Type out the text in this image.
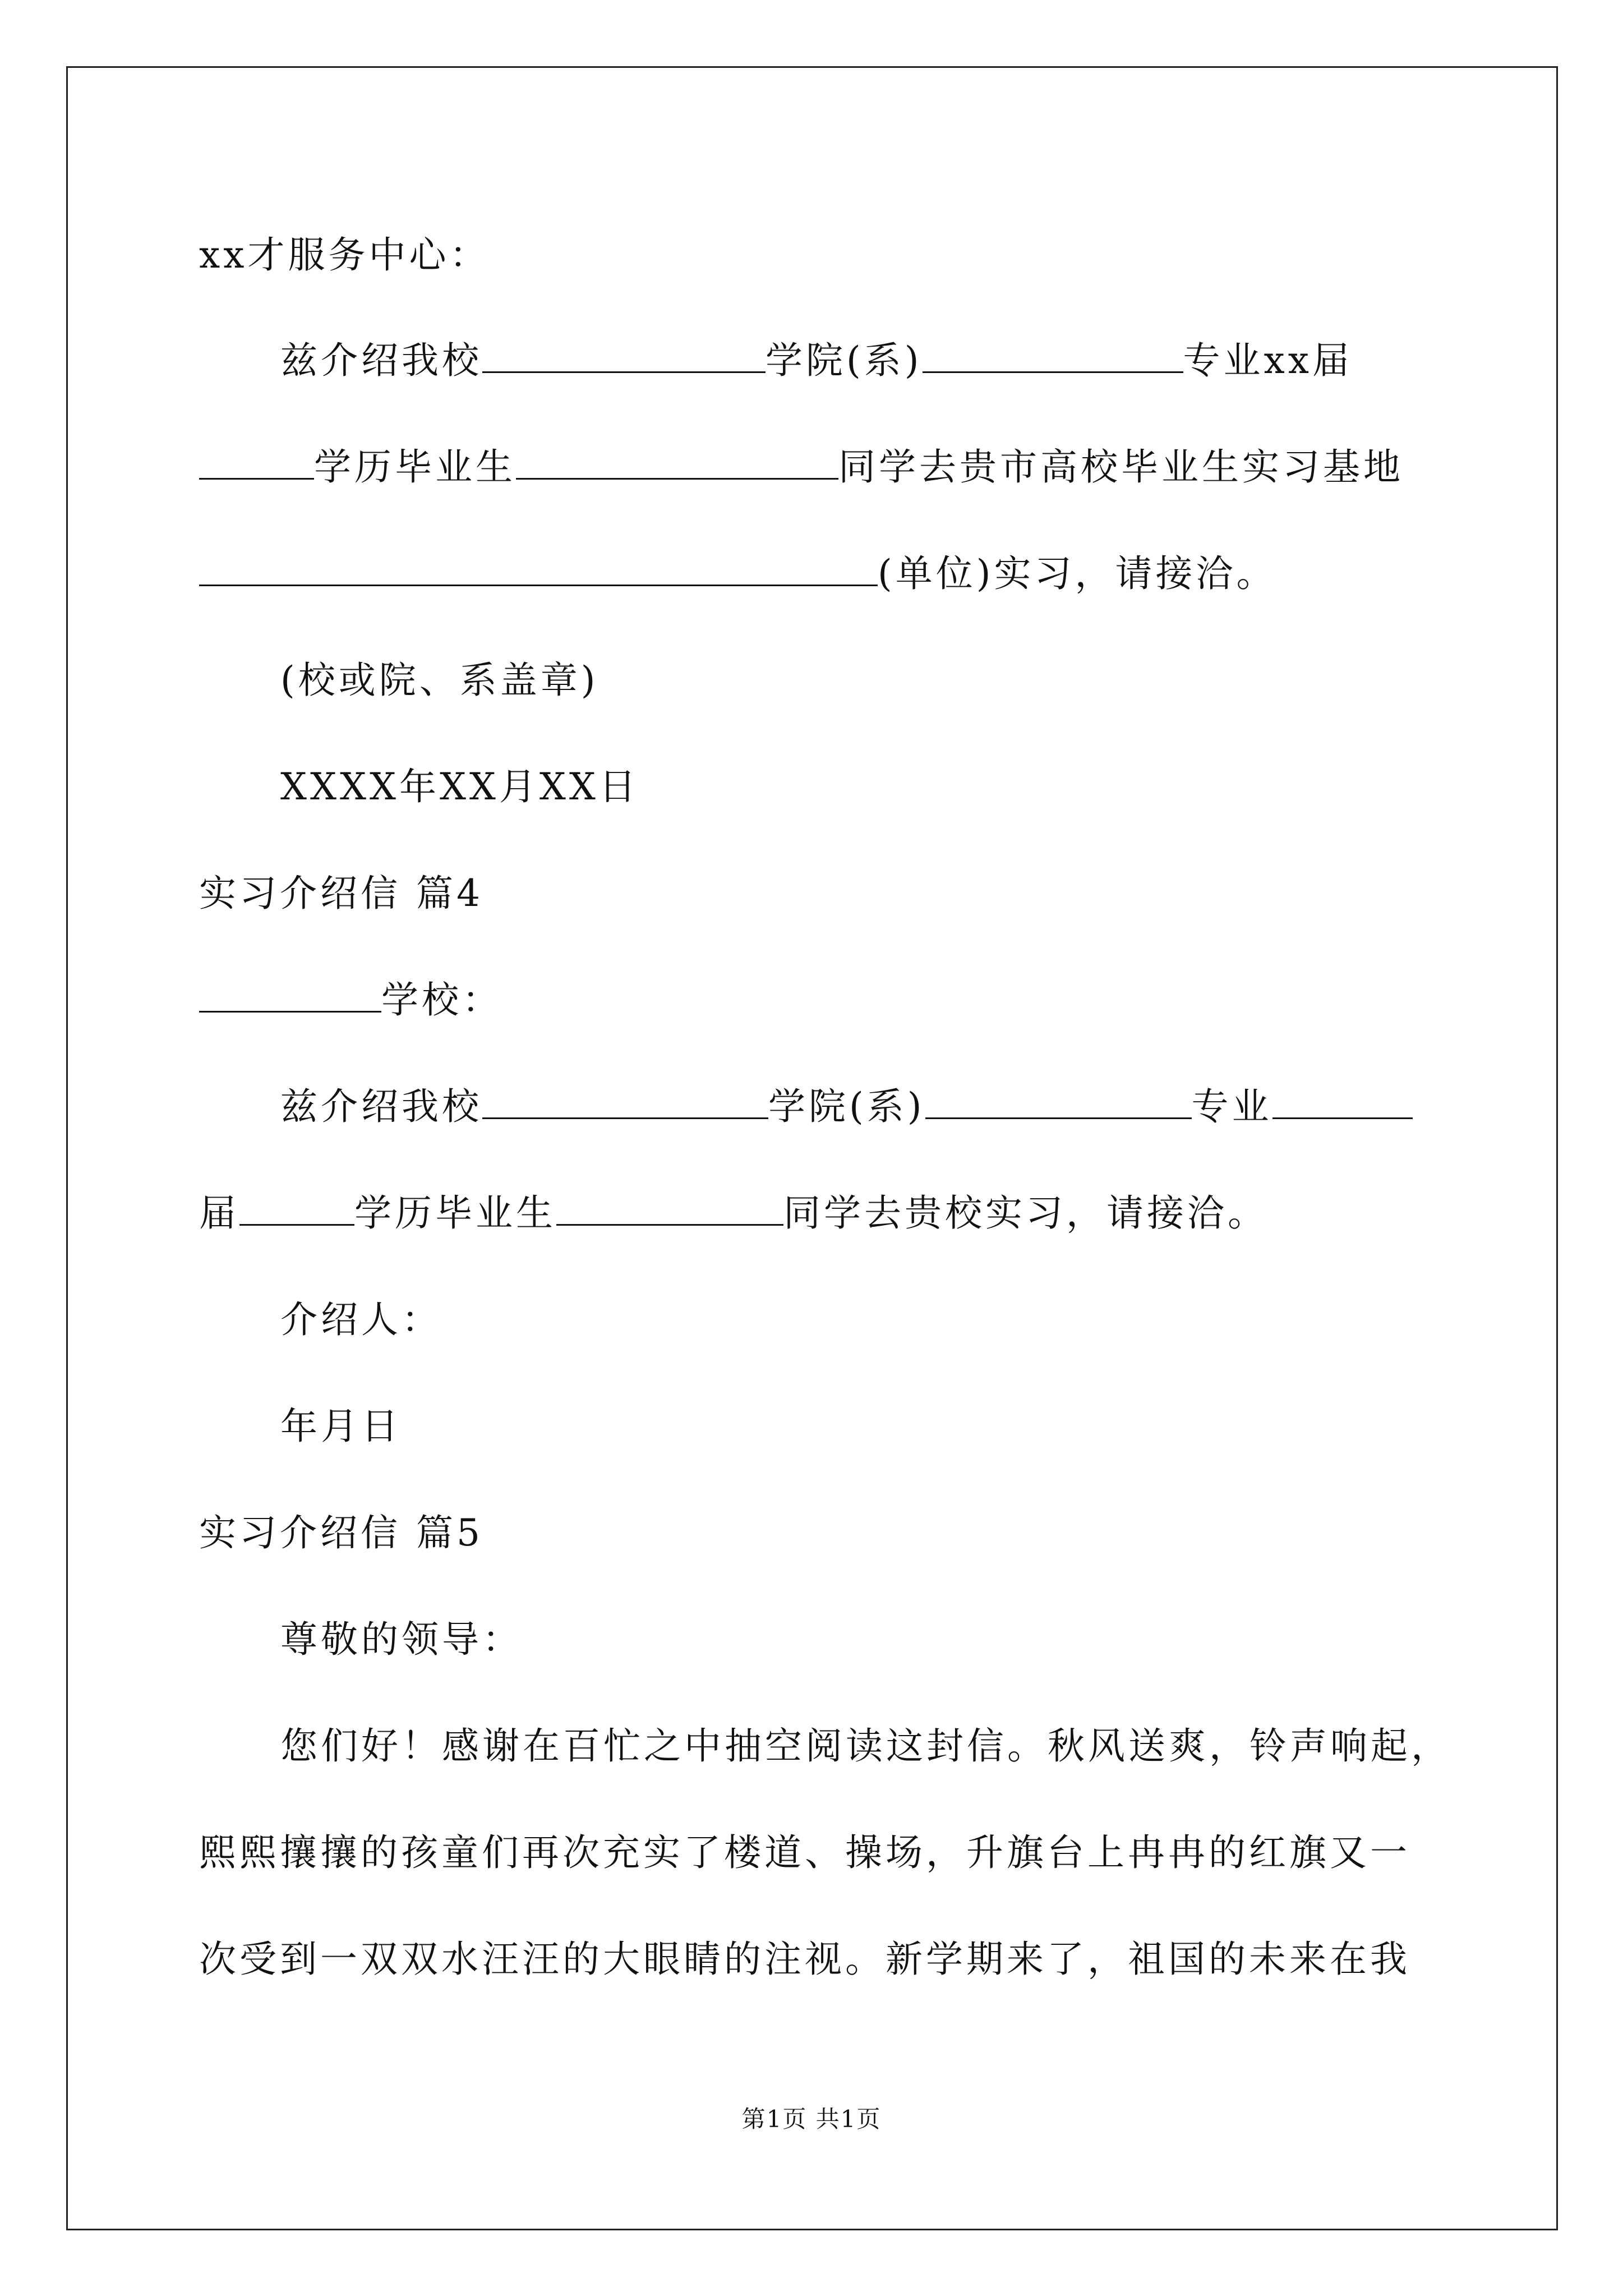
xx才服务中心：
兹介绍我校	学院(系)	专业xx届
学历毕业生	同学去贵市高校毕业生实习基地
(单位)实习，请接洽。
(校或院、系盖章)
XXXX年XX月XX日
实习介绍信 篇4
学校：
兹介绍我校	学院(系)	专业
届	学历毕业生	同学去贵校实习，请接洽。
介绍人：
年月日
实习介绍信 篇5
尊敬的领导：
您们好！感谢在百忙之中抽空阅读这封信。秋风送爽，铃声响起，
熙熙攘攘的孩童们再次充实了楼道、操场，升旗台上冉冉的红旗又一
次受到一双双水汪汪的大眼睛的注视。新学期来了，祖国的未来在我
第1页 共1页
